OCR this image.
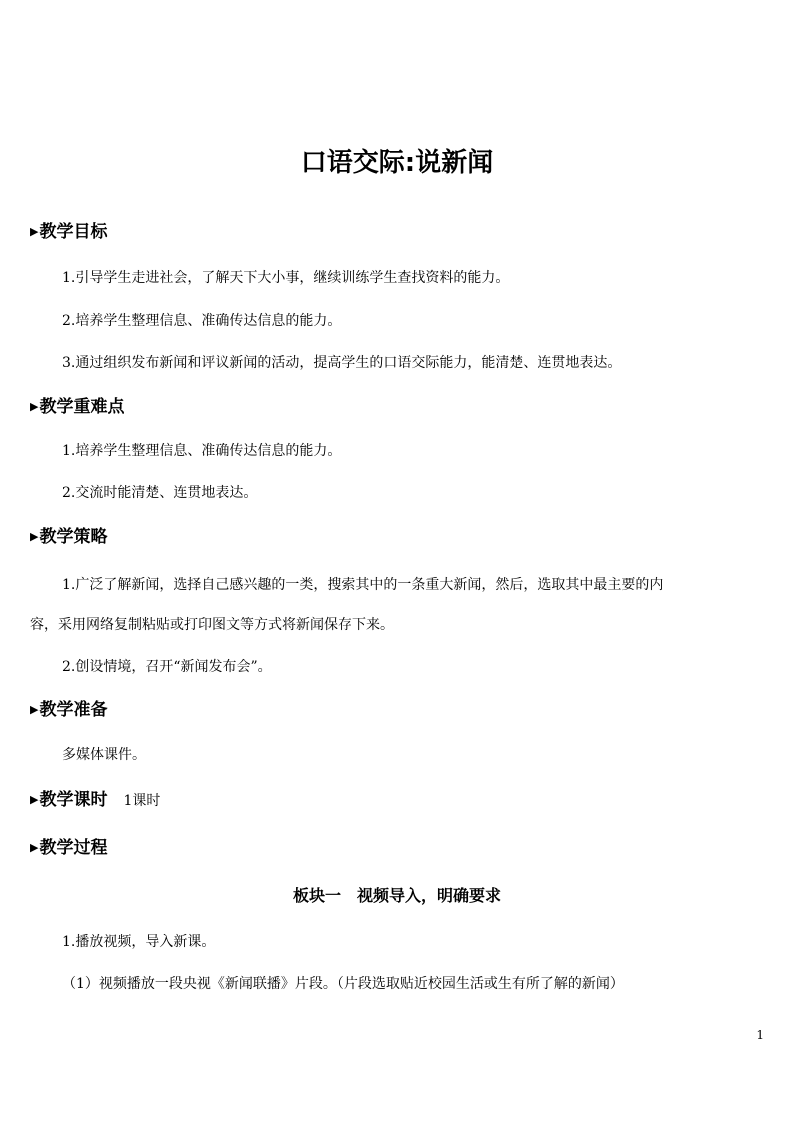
口语交际:说新闻
▶教学目标
1.引导学生走进社会，了解天下大小事，继续训练学生查找资料的能力。
2.培养学生整理信息、准确传达信息的能力。
3.通过组织发布新闻和评议新闻的活动，提高学生的口语交际能力，能清楚、连贯地表达。
▶教学重难点
1.培养学生整理信息、准确传达信息的能力。
2.交流时能清楚、连贯地表达。
▶教学策略
1.广泛了解新闻，选择自己感兴趣的一类，搜索其中的一条重大新闻，然后，选取其中最主要的内
容，采用网络复制粘贴或打印图文等方式将新闻保存下来。
2.创设情境，召开“新闻发布会”。
▶教学准备
多媒体课件。
▶教学课时 1课时
▶教学过程
板块一　视频导入，明确要求
1.播放视频，导入新课。
（1）视频播放一段央视《新闻联播》片段。（片段选取贴近校园生活或生有所了解的新闻）
1
